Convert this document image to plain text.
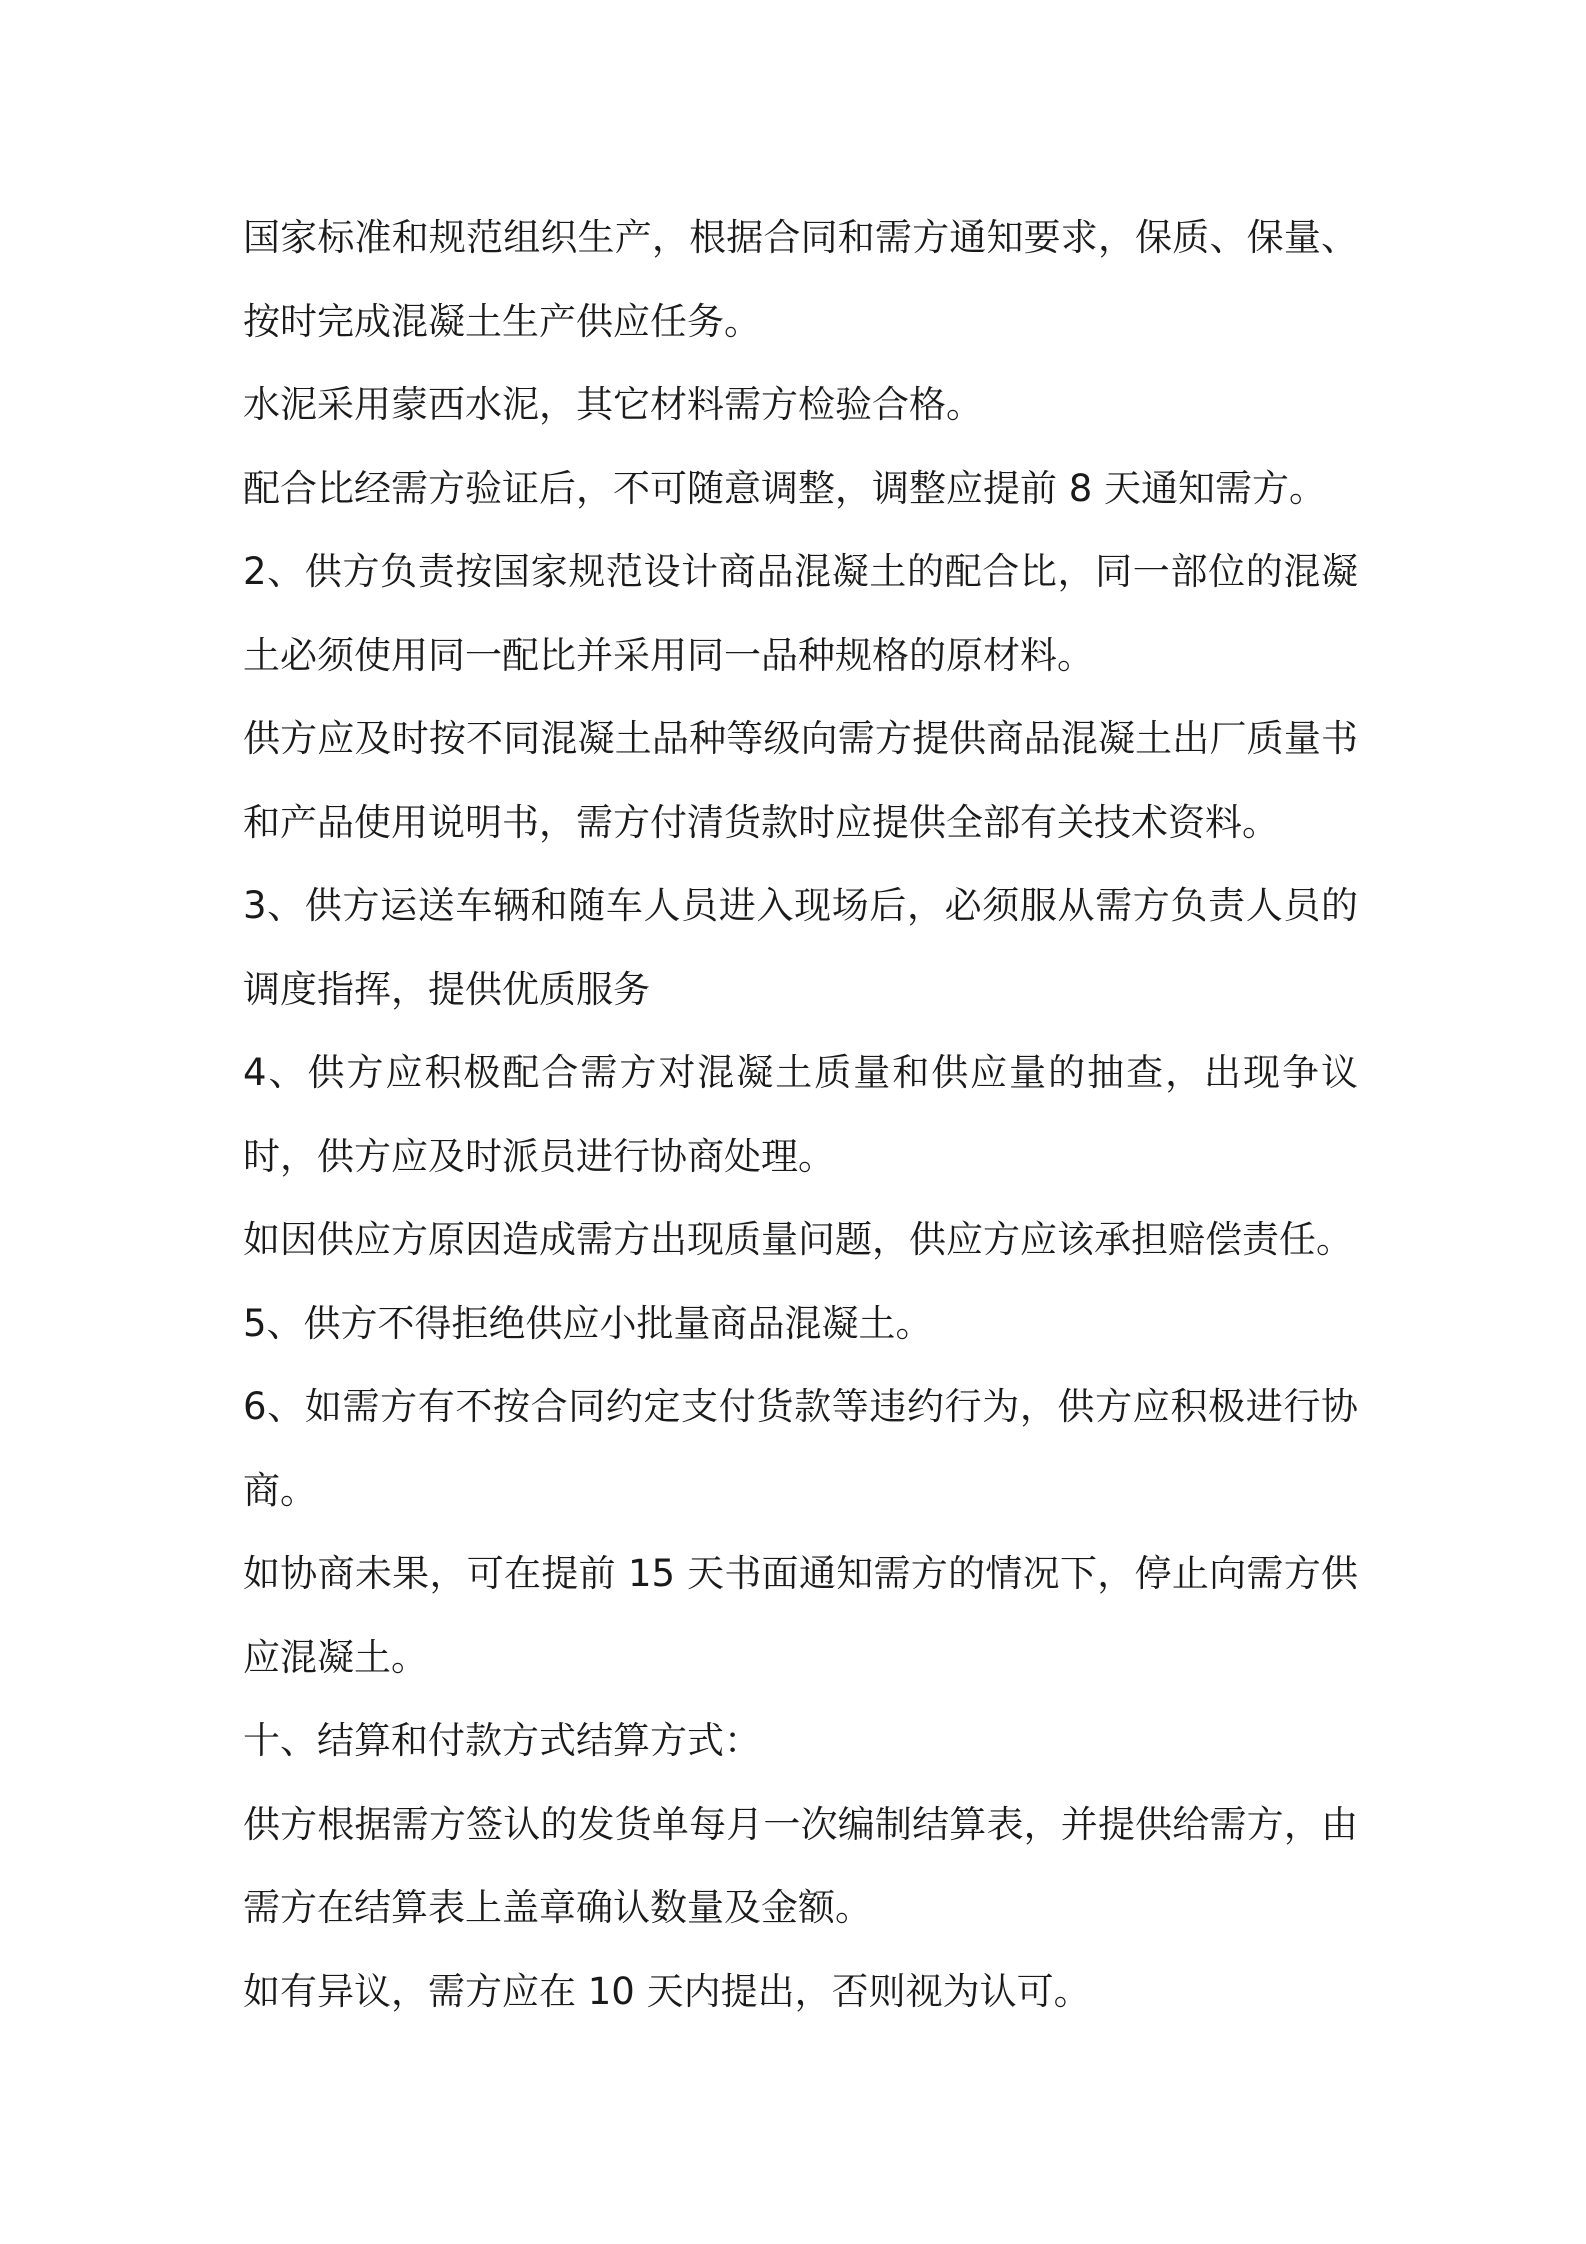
国家标准和规范组织生产，根据合同和需方通知要求，保质、保量、按时完成混凝土生产供应任务。

水泥采用蒙西水泥，其它材料需方检验合格。

配合比经需方验证后，不可随意调整，调整应提前 8 天通知需方。

2、供方负责按国家规范设计商品混凝土的配合比，同一部位的混凝土必须使用同一配比并采用同一品种规格的原材料。

供方应及时按不同混凝土品种等级向需方提供商品混凝土出厂质量书和产品使用说明书，需方付清货款时应提供全部有关技术资料。

3、供方运送车辆和随车人员进入现场后，必须服从需方负责人员的调度指挥，提供优质服务

4、供方应积极配合需方对混凝土质量和供应量的抽查，出现争议时，供方应及时派员进行协商处理。

如因供应方原因造成需方出现质量问题，供应方应该承担赔偿责任。

5、供方不得拒绝供应小批量商品混凝土。

6、如需方有不按合同约定支付货款等违约行为，供方应积极进行协商。

如协商未果，可在提前 15 天书面通知需方的情况下，停止向需方供应混凝土。

十、结算和付款方式结算方式：

供方根据需方签认的发货单每月一次编制结算表，并提供给需方，由需方在结算表上盖章确认数量及金额。

如有异议，需方应在 10 天内提出，否则视为认可。
